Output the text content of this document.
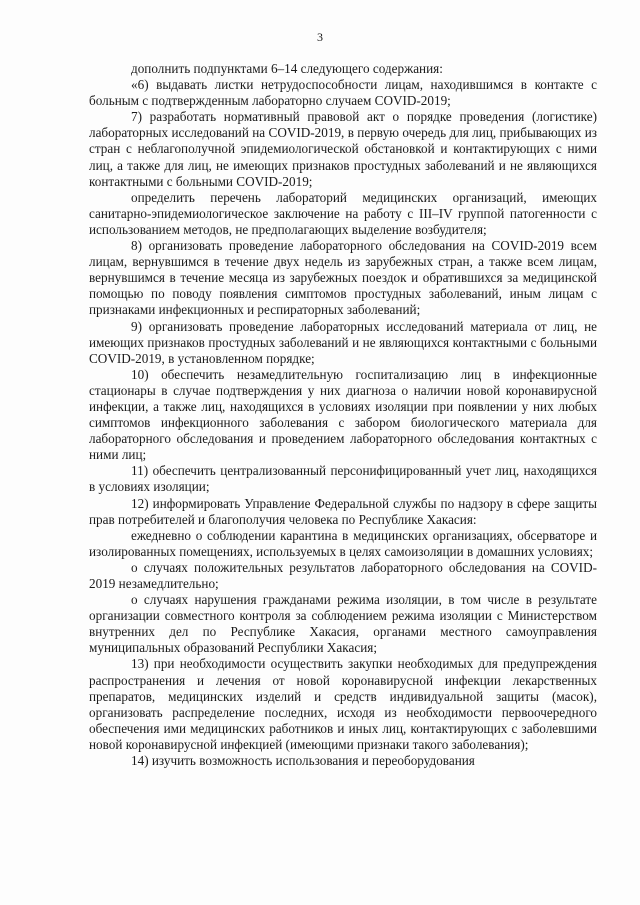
3

дополнить подпунктами 6–14 следующего содержания:

«6) выдавать листки нетрудоспособности лицам, находившимся в контакте с больным с подтвержденным лабораторно случаем COVID-2019;

7) разработать нормативный правовой акт о порядке проведения (логистике) лабораторных исследований на COVID-2019, в первую очередь для лиц, прибывающих из стран с неблагополучной эпидемиологической обстановкой и контактирующих с ними лиц, а также для лиц, не имеющих признаков простудных заболеваний и не являющихся контактными с больными COVID-2019;

определить перечень лабораторий медицинских организаций, имеющих санитарно-эпидемиологическое заключение на работу с III–IV группой патогенности с использованием методов, не предполагающих выделение возбудителя;

8) организовать проведение лабораторного обследования на COVID-2019 всем лицам, вернувшимся в течение двух недель из зарубежных стран, а также всем лицам, вернувшимся в течение месяца из зарубежных поездок и обратившихся за медицинской помощью по поводу появления симптомов простудных заболеваний, иным лицам с признаками инфекционных и респираторных заболеваний;

9) организовать проведение лабораторных исследований материала от лиц, не имеющих признаков простудных заболеваний и не являющихся контактными с больными COVID-2019, в установленном порядке;

10) обеспечить незамедлительную госпитализацию лиц в инфекционные стационары в случае подтверждения у них диагноза о наличии новой коронавирусной инфекции, а также лиц, находящихся в условиях изоляции при появлении у них любых симптомов инфекционного заболевания с забором биологического материала для лабораторного обследования и проведением лабораторного обследования контактных с ними лиц;

11) обеспечить централизованный персонифицированный учет лиц, находящихся в условиях изоляции;

12) информировать Управление Федеральной службы по надзору в сфере защиты прав потребителей и благополучия человека по Республике Хакасия:

ежедневно о соблюдении карантина в медицинских организациях, обсерваторе и изолированных помещениях, используемых в целях самоизоляции в домашних условиях;

о случаях положительных результатов лабораторного обследования на COVID-2019 незамедлительно;

о случаях нарушения гражданами режима изоляции, в том числе в результате организации совместного контроля за соблюдением режима изоляции с Министерством внутренних дел по Республике Хакасия, органами местного самоуправления муниципальных образований Республики Хакасия;

13) при необходимости осуществить закупки необходимых для предупреждения распространения и лечения от новой коронавирусной инфекции лекарственных препаратов, медицинских изделий и средств индивидуальной защиты (масок), организовать распределение последних, исходя из необходимости первоочередного обеспечения ими медицинских работников и иных лиц, контактирующих с заболевшими новой коронавирусной инфекцией (имеющими признаки такого заболевания);

14) изучить возможность использования и переоборудования
